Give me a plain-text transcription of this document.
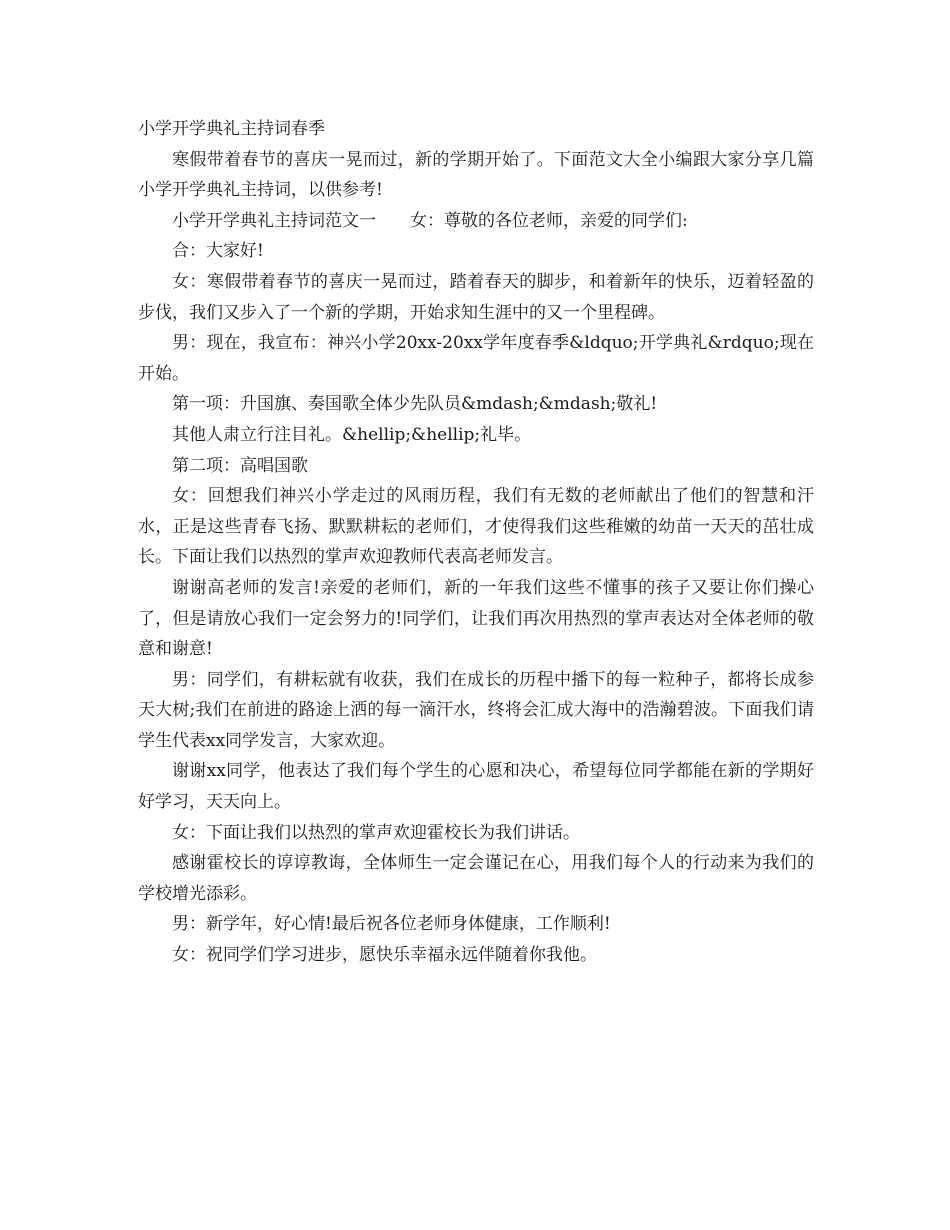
小学开学典礼主持词春季

寒假带着春节的喜庆一晃而过，新的学期开始了。下面范文大全小编跟大家分享几篇小学开学典礼主持词，以供参考!

小学开学典礼主持词范文一 女：尊敬的各位老师，亲爱的同学们:

合：大家好!

女：寒假带着春节的喜庆一晃而过，踏着春天的脚步，和着新年的快乐，迈着轻盈的步伐，我们又步入了一个新的学期，开始求知生涯中的又一个里程碑。

男：现在，我宣布：神兴小学20xx-20xx学年度春季&ldquo;开学典礼&rdquo;现在开始。

第一项：升国旗、奏国歌全体少先队员&mdash;&mdash;敬礼!

其他人肃立行注目礼。&hellip;&hellip;礼毕。

第二项：高唱国歌

女：回想我们神兴小学走过的风雨历程，我们有无数的老师献出了他们的智慧和汗水，正是这些青春飞扬、默默耕耘的老师们，才使得我们这些稚嫩的幼苗一天天的茁壮成长。下面让我们以热烈的掌声欢迎教师代表高老师发言。

谢谢高老师的发言!亲爱的老师们，新的一年我们这些不懂事的孩子又要让你们操心了，但是请放心我们一定会努力的!同学们，让我们再次用热烈的掌声表达对全体老师的敬意和谢意!

男：同学们，有耕耘就有收获，我们在成长的历程中播下的每一粒种子，都将长成参天大树;我们在前进的路途上洒的每一滴汗水，终将会汇成大海中的浩瀚碧波。下面我们请学生代表xx同学发言，大家欢迎。

谢谢xx同学，他表达了我们每个学生的心愿和决心，希望每位同学都能在新的学期好好学习，天天向上。

女：下面让我们以热烈的掌声欢迎霍校长为我们讲话。

感谢霍校长的谆谆教诲，全体师生一定会谨记在心，用我们每个人的行动来为我们的学校增光添彩。

男：新学年，好心情!最后祝各位老师身体健康，工作顺利!

女：祝同学们学习进步，愿快乐幸福永远伴随着你我他。
